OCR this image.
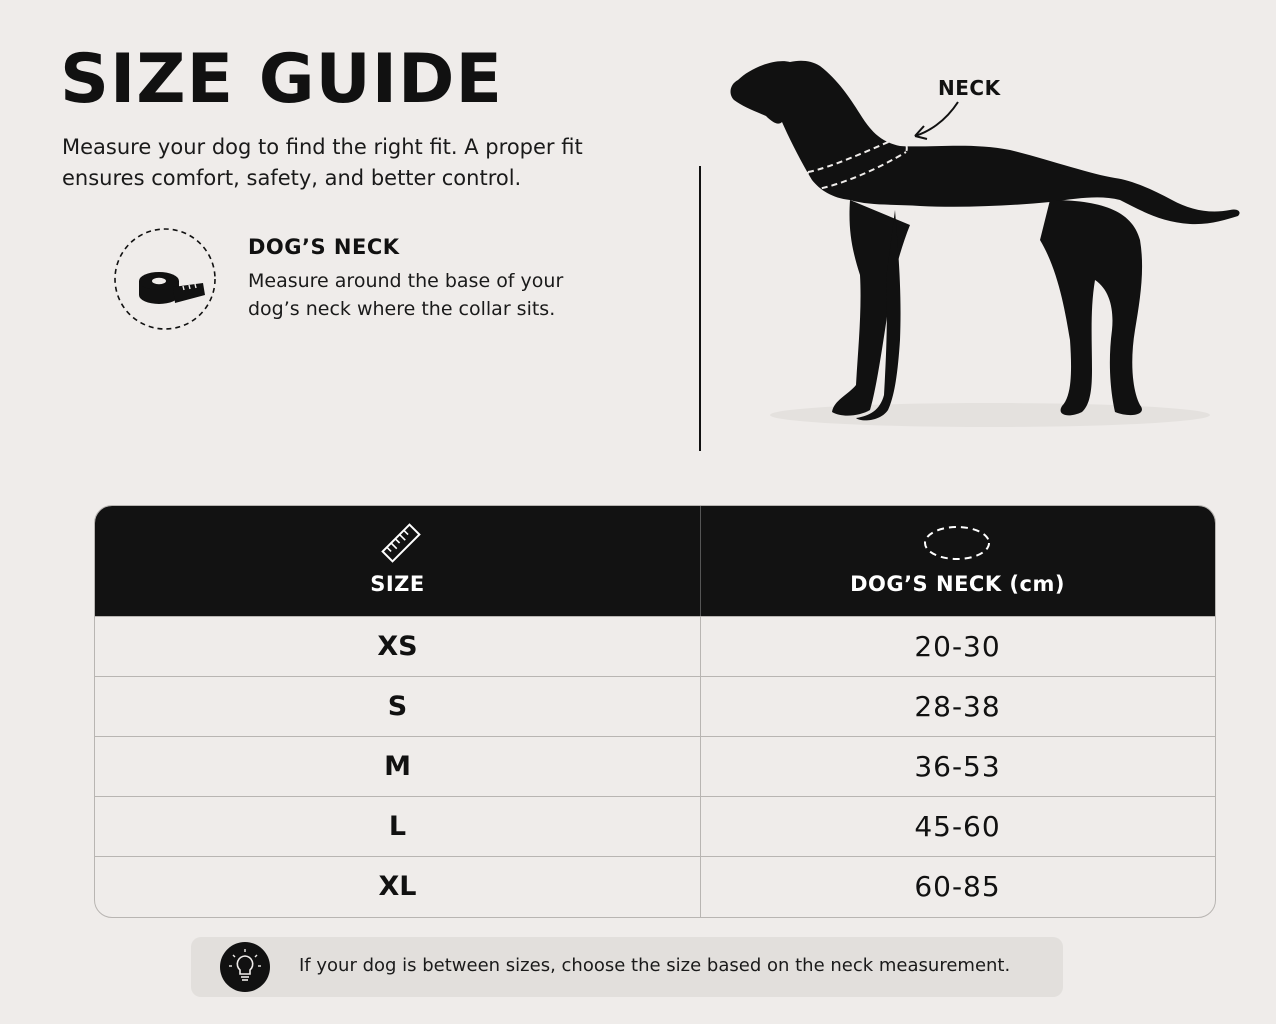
SIZE GUIDE

Measure your dog to find the right fit. A proper fit ensures comfort, safety, and better control.

DOG’S NECK

Measure around the base of your dog’s neck where the collar sits.

NECK

SIZE	DOG’S NECK (cm)
XS	20-30
S	28-38
M	36-53
L	45-60
XL	60-85
If your dog is between sizes, choose the size based on the neck measurement.
